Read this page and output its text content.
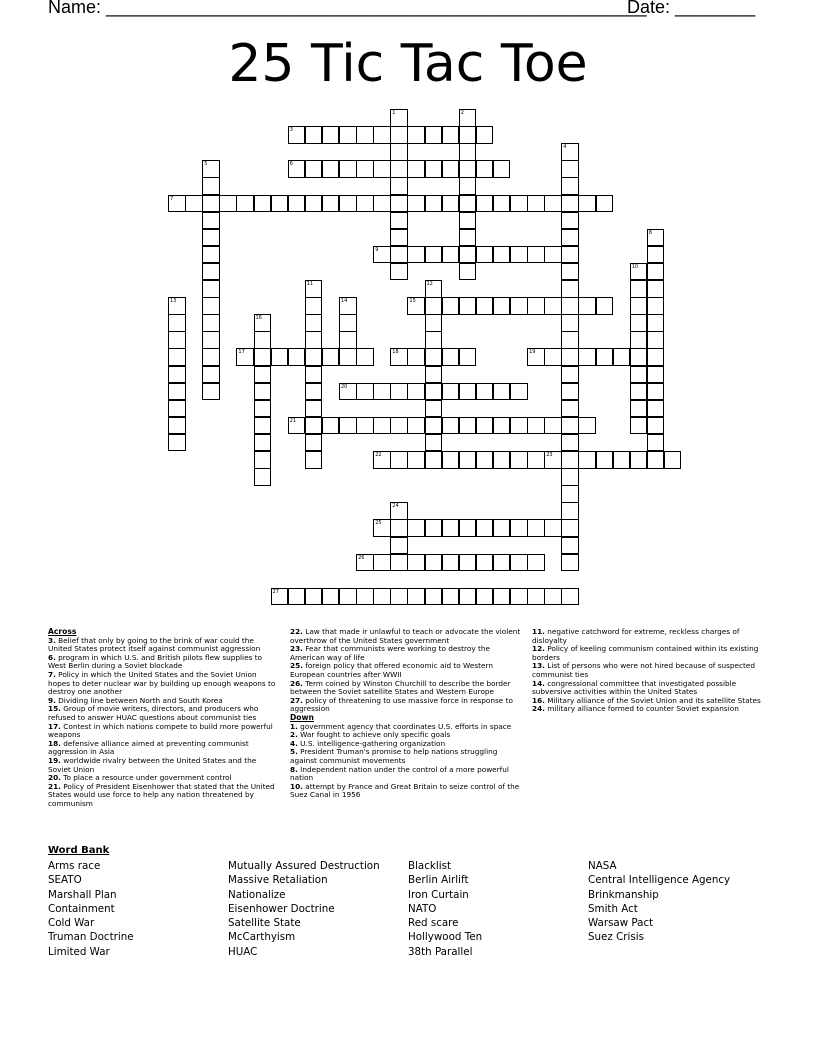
Name: ______________________________________________________
Date: ________
25 Tic Tac Toe
1	2
3
4
5	6
7
8
9
10
11	12
13	14	15
16
17	18	19
20
21
22	23
24
25
26
27
Across
3. Belief that only by going to the brink of war could the United States protect itself against communist aggression
6. program in which U.S. and British pilots flew supplies to West Berlin during a Soviet blockade
7. Policy in which the United States and the Soviet Union hopes to deter nuclear war by building up enough weapons to destroy one another
9. Dividing line between North and South Korea
15. Group of movie writers, directors, and producers who refused to answer HUAC questions about communist ties
17. Contest in which nations compete to build more powerful weapons
18. defensive alliance aimed at preventing communist aggression in Asia
19. worldwide rivalry between the United States and the Soviet Union
20. To place a resource under government control
21. Policy of President Eisenhower that stated that the United States would use force to help any nation threatened by communism
22. Law that made ir unlawful to teach or advocate the violent overthrow of the United States government
23. Fear that communists were working to destroy the American way of life
25. foreign policy that offered economic aid to Western European countries after WWII
26. Term coined by Winston Churchill to describe the border between the Soviet satellite States and Western Europe
27. policy of threatening to use massive force in response to aggression
Down
1. government agency that coordinates U.S. efforts in space
2. War fought to achieve only specific goals
4. U.S. intelligence-gathering organization
5. President Truman's promise to help nations struggling against communist movements
8. Independent nation under the control of a more powerful nation
10. attempt by France and Great Britain to seize control of the Suez Canal in 1956
11. negative catchword for extreme, reckless charges of disloyalty
12. Policy of keeling communism contained within its existing borders
13. List of persons who were not hired because of suspected communist ties
14. congressional committee that investigated possible subversive activities within the United States
16. Military alliance of the Soviet Union and its satellite States
24. military alliance formed to counter Soviet expansion
Word Bank
Arms race
SEATO
Marshall Plan
Containment
Cold War
Truman Doctrine
Limited War
Mutually Assured Destruction
Massive Retaliation
Nationalize
Eisenhower Doctrine
Satellite State
McCarthyism
HUAC
Blacklist
Berlin Airlift
Iron Curtain
NATO
Red scare
Hollywood Ten
38th Parallel
NASA
Central Intelligence Agency
Brinkmanship
Smith Act
Warsaw Pact
Suez Crisis
